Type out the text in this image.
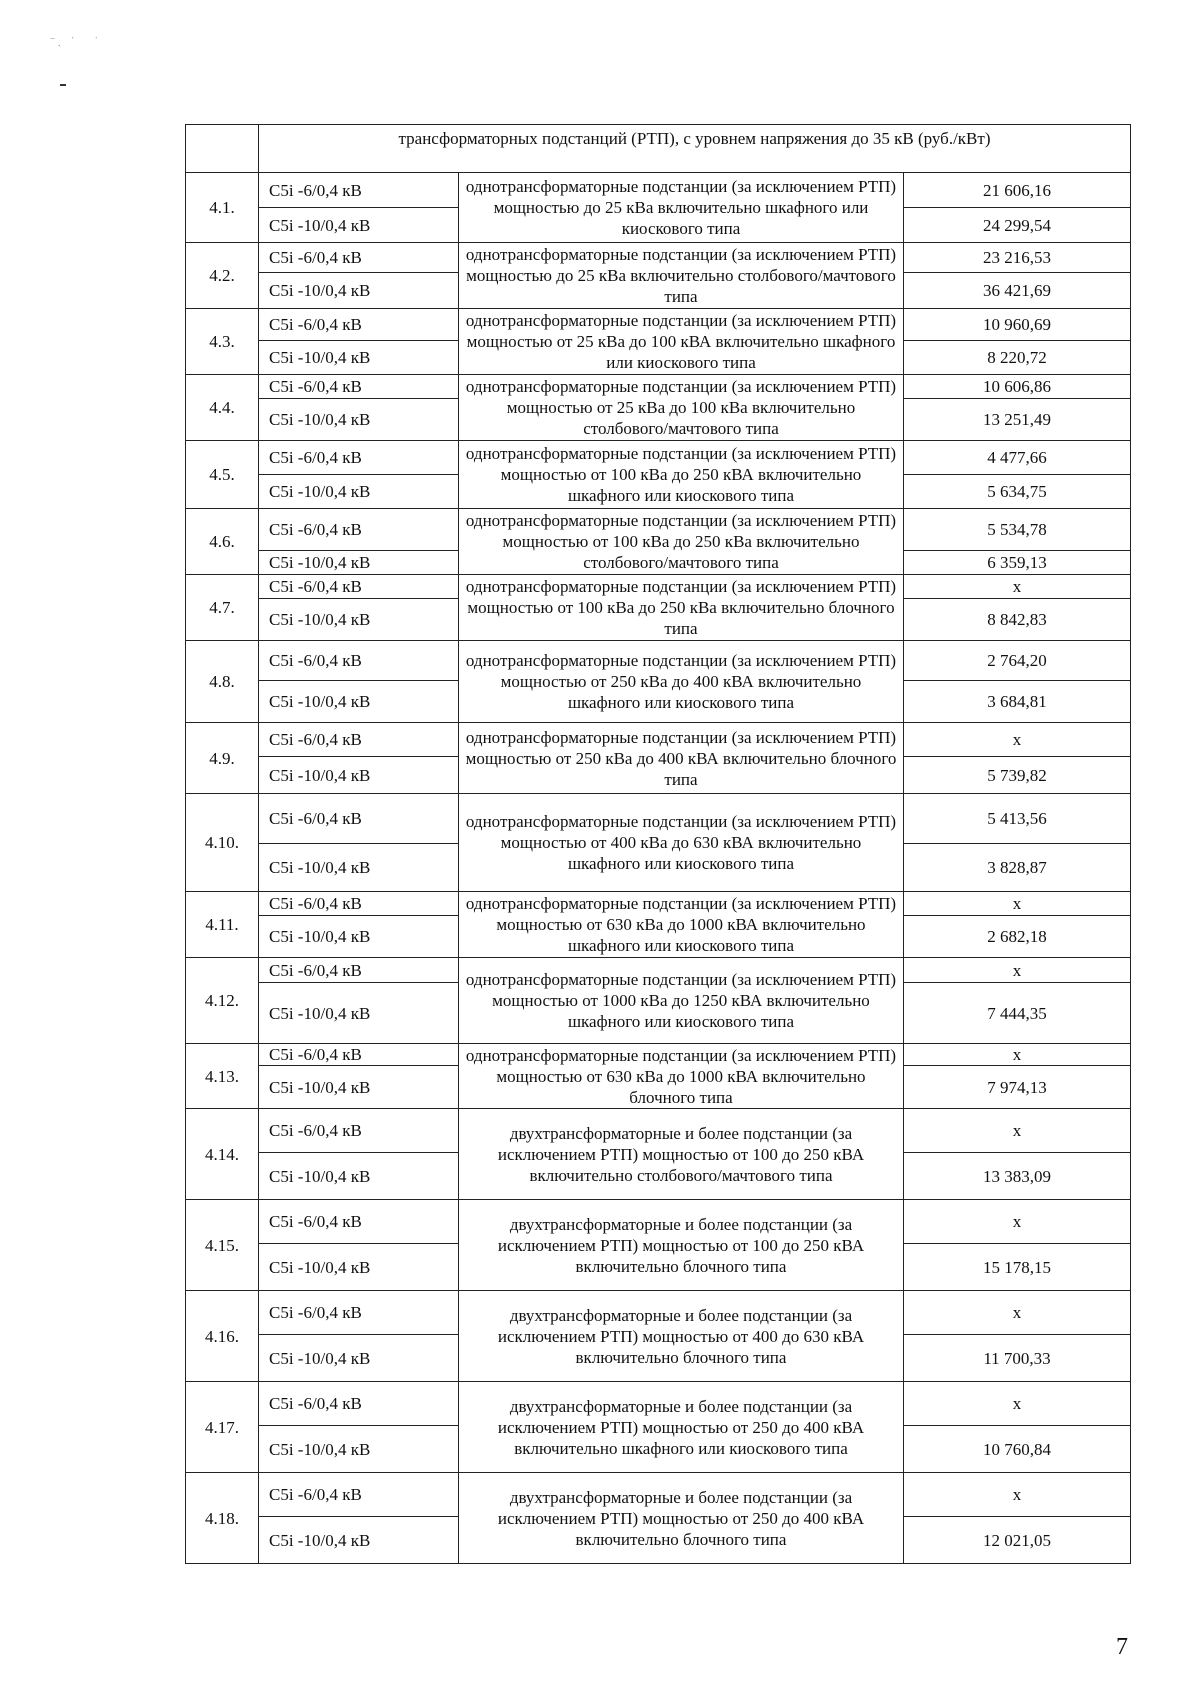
⁻ ˎ    ˈ        ˈ
	трансформаторных подстанций (РТП), с уровнем напряжения до 35 кВ (руб./кВт)		
4.1.	C5i -6/0,4 кВ	однотрансформаторные подстанции (за исключением РТП) мощностью до 25 кВа включительно шкафного или киоскового типа	21 606,16
	C5i -10/0,4 кВ		24 299,54
4.2.	C5i -6/0,4 кВ	однотрансформаторные подстанции (за исключением РТП) мощностью до 25 кВа включительно столбового/мачтового типа	23 216,53
	C5i -10/0,4 кВ		36 421,69
4.3.	C5i -6/0,4 кВ	однотрансформаторные подстанции (за исключением РТП) мощностью от 25 кВа до 100 кВА включительно шкафного или киоскового типа	10 960,69
	C5i -10/0,4 кВ		8 220,72
4.4.	C5i -6/0,4 кВ	однотрансформаторные подстанции (за исключением РТП) мощностью от 25 кВа до 100 кВа включительно столбового/мачтового типа	10 606,86
	C5i -10/0,4 кВ		13 251,49
4.5.	C5i -6/0,4 кВ	однотрансформаторные подстанции (за исключением РТП) мощностью от 100 кВа до 250 кВА включительно шкафного или киоскового типа	4 477,66
	C5i -10/0,4 кВ		5 634,75
4.6.	C5i -6/0,4 кВ	однотрансформаторные подстанции (за исключением РТП) мощностью от 100 кВа до 250 кВа включительно столбового/мачтового типа	5 534,78
	C5i -10/0,4 кВ		6 359,13
4.7.	C5i -6/0,4 кВ	однотрансформаторные подстанции (за исключением РТП) мощностью от 100 кВа до 250 кВа включительно блочного типа	x
	C5i -10/0,4 кВ		8 842,83
4.8.	C5i -6/0,4 кВ	однотрансформаторные подстанции (за исключением РТП) мощностью от 250 кВа до 400 кВА включительно шкафного или киоскового типа	2 764,20
	C5i -10/0,4 кВ		3 684,81
4.9.	C5i -6/0,4 кВ	однотрансформаторные подстанции (за исключением РТП) мощностью от 250 кВа до 400 кВА включительно блочного типа	x
	C5i -10/0,4 кВ		5 739,82
4.10.	C5i -6/0,4 кВ	однотрансформаторные подстанции (за исключением РТП) мощностью от 400 кВа до 630 кВА включительно шкафного или киоскового типа	5 413,56
	C5i -10/0,4 кВ		3 828,87
4.11.	C5i -6/0,4 кВ	однотрансформаторные подстанции (за исключением РТП) мощностью от 630 кВа до 1000 кВА включительно шкафного или киоскового типа	x
	C5i -10/0,4 кВ		2 682,18
4.12.	C5i -6/0,4 кВ	однотрансформаторные подстанции (за исключением РТП) мощностью от 1000 кВа до 1250 кВА включительно шкафного или киоскового типа	x
	C5i -10/0,4 кВ		7 444,35
4.13.	C5i -6/0,4 кВ	однотрансформаторные подстанции (за исключением РТП) мощностью от 630 кВа до 1000 кВА включительно блочного типа	x
	C5i -10/0,4 кВ		7 974,13
4.14.	C5i -6/0,4 кВ	двухтрансформаторные и более подстанции (за исключением РТП) мощностью от 100 до 250 кВА включительно столбового/мачтового типа	x
	C5i -10/0,4 кВ		13 383,09
4.15.	C5i -6/0,4 кВ	двухтрансформаторные и более подстанции (за исключением РТП) мощностью от 100 до 250 кВА включительно блочного типа	x
	C5i -10/0,4 кВ		15 178,15
4.16.	C5i -6/0,4 кВ	двухтрансформаторные и более подстанции (за исключением РТП) мощностью от 400 до 630 кВА включительно блочного типа	x
	C5i -10/0,4 кВ		11 700,33
4.17.	C5i -6/0,4 кВ	двухтрансформаторные и более подстанции (за исключением РТП) мощностью от 250 до 400 кВА включительно шкафного или киоскового типа	x
	C5i -10/0,4 кВ		10 760,84
4.18.	C5i -6/0,4 кВ	двухтрансформаторные и более подстанции (за исключением РТП) мощностью от 250 до 400 кВА включительно блочного типа	x
	C5i -10/0,4 кВ		12 021,05
7
